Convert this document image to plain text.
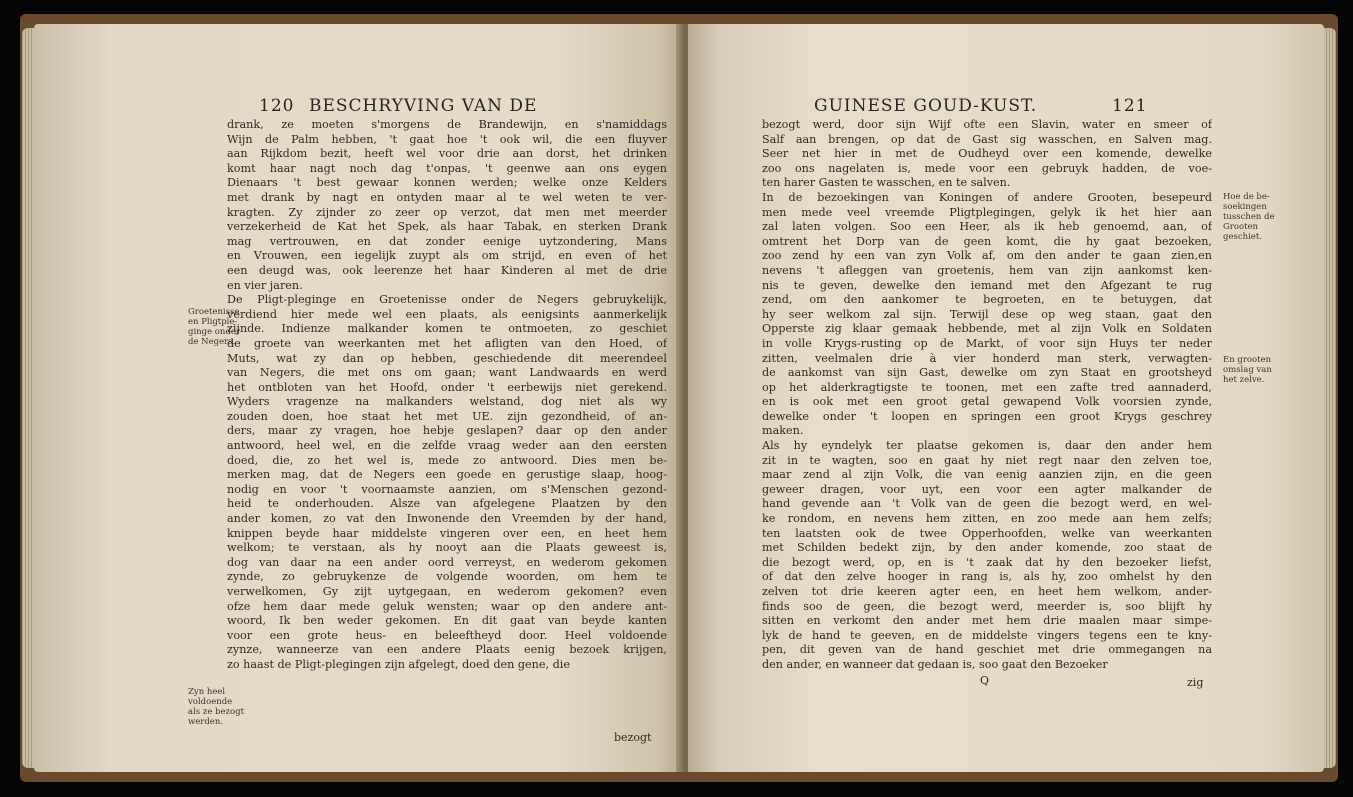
120 BESCHRYVING VAN DE
drank, ze moeten s'morgens de Brandewijn, en s'namiddags
Wijn de Palm hebben, 't gaat hoe 't ook wil, die een fluyver
aan Rijkdom bezit, heeft wel voor drie aan dorst, het drinken
komt haar nagt noch dag t'onpas, 't geenwe aan ons eygen
Dienaars 't best gewaar konnen werden; welke onze Kelders
met drank by nagt en ontyden maar al te wel weten te ver-
kragten. Zy zijnder zo zeer op verzot, dat men met meerder
verzekerheid de Kat het Spek, als haar Tabak, en sterken Drank
mag vertrouwen, en dat zonder eenige uytzondering, Mans
en Vrouwen, een iegelijk zuypt als om strijd, en even of het
een deugd was, ook leerenze het haar Kinderen al met de drie
en vier jaren.
De Pligt-pleginge en Groetenisse onder de Negers gebruykelijk,
verdiend hier mede wel een plaats, als eenigsints aanmerkelijk
zijnde. Indienze malkander komen te ontmoeten, zo geschiet
de groete van weerkanten met het afligten van den Hoed, of
Muts, wat zy dan op hebben, geschiedende dit meerendeel
van Negers, die met ons om gaan; want Landwaards en werd
het ontbloten van het Hoofd, onder 't eerbewijs niet gerekend.
Wyders vragenze na malkanders welstand, dog niet als wy
zouden doen, hoe staat het met UE. zijn gezondheid, of an-
ders, maar zy vragen, hoe hebje geslapen? daar op den ander
antwoord, heel wel, en die zelfde vraag weder aan den eersten
doed, die, zo het wel is, mede zo antwoord. Dies men be-
merken mag, dat de Negers een goede en gerustige slaap, hoog-
nodig en voor 't voornaamste aanzien, om s'Menschen gezond-
heid te onderhouden. Alsze van afgelegene Plaatzen by den
ander komen, zo vat den Inwonende den Vreemden by der hand,
knippen beyde haar middelste vingeren over een, en heet hem
welkom; te verstaan, als hy nooyt aan die Plaats geweest is,
dog van daar na een ander oord verreyst, en wederom gekomen
zynde, zo gebruykenze de volgende woorden, om hem te
verwelkomen, Gy zijt uytgegaan, en wederom gekomen? even
ofze hem daar mede geluk wensten; waar op den andere ant-
woord, Ik ben weder gekomen. En dit gaat van beyde kanten
voor een grote heus- en beleeftheyd door. Heel voldoende
zynze, wanneerze van een andere Plaats eenig bezoek krijgen,
zo haast de Pligt-plegingen zijn afgelegt, doed den gene, die
Groetenisse
en Pligtple-
ginge onder
de Negers.
Zyn heel
voldoende
als ze bezogt
werden.
bezogt
GUINESE GOUD-KUST.	121
bezogt werd, door sijn Wijf ofte een Slavin, water en smeer of
Salf aan brengen, op dat de Gast sig wasschen, en Salven mag.
Seer net hier in met de Oudheyd over een komende, dewelke
zoo ons nagelaten is, mede voor een gebruyk hadden, de voe-
ten harer Gasten te wasschen, en te salven.
In de bezoekingen van Koningen of andere Grooten, besepeurd
men mede veel vreemde Pligtplegingen, gelyk ik het hier aan
zal laten volgen. Soo een Heer, als ik heb genoemd, aan, of
omtrent het Dorp van de geen komt, die hy gaat bezoeken,
zoo zend hy een van zyn Volk af, om den ander te gaan zien,en
nevens 't afleggen van groetenis, hem van zijn aankomst ken-
nis te geven, dewelke den iemand met den Afgezant te rug
zend, om den aankomer te begroeten, en te betuygen, dat
hy seer welkom zal sijn. Terwijl dese op weg staan, gaat den
Opperste zig klaar gemaak hebbende, met al zijn Volk en Soldaten
in volle Krygs-rusting op de Markt, of voor sijn Huys ter neder
zitten, veelmalen drie à vier honderd man sterk, verwagten-
de aankomst van sijn Gast, dewelke om zyn Staat en grootsheyd
op het alderkragtigste te toonen, met een zafte tred aannaderd,
en is ook met een groot getal gewapend Volk voorsien zynde,
dewelke onder 't loopen en springen een groot Krygs geschrey
maken.
Als hy eyndelyk ter plaatse gekomen is, daar den ander hem
zit in te wagten, soo en gaat hy niet regt naar den zelven toe,
maar zend al zijn Volk, die van eenig aanzien zijn, en die geen
geweer dragen, voor uyt, een voor een agter malkander de
hand gevende aan 't Volk van de geen die bezogt werd, en wel-
ke rondom, en nevens hem zitten, en zoo mede aan hem zelfs;
ten laatsten ook de twee Opperhoofden, welke van weerkanten
met Schilden bedekt zijn, by den ander komende, zoo staat de
die bezogt werd, op, en is 't zaak dat hy den bezoeker liefst,
of dat den zelve hooger in rang is, als hy, zoo omhelst hy den
zelven tot drie keeren agter een, en heet hem welkom, ander-
finds soo de geen, die bezogt werd, meerder is, soo blijft hy
sitten en verkomt den ander met hem drie maalen maar simpe-
lyk de hand te geeven, en de middelste vingers tegens een te kny-
pen, dit geven van de hand geschiet met drie ommegangen na
den ander, en wanneer dat gedaan is, soo gaat den Bezoeker
Hoe de be-
soekingen
tusschen de
Grooten
geschiet.
En grooten
omslag van
het zelve.
Q	zig
